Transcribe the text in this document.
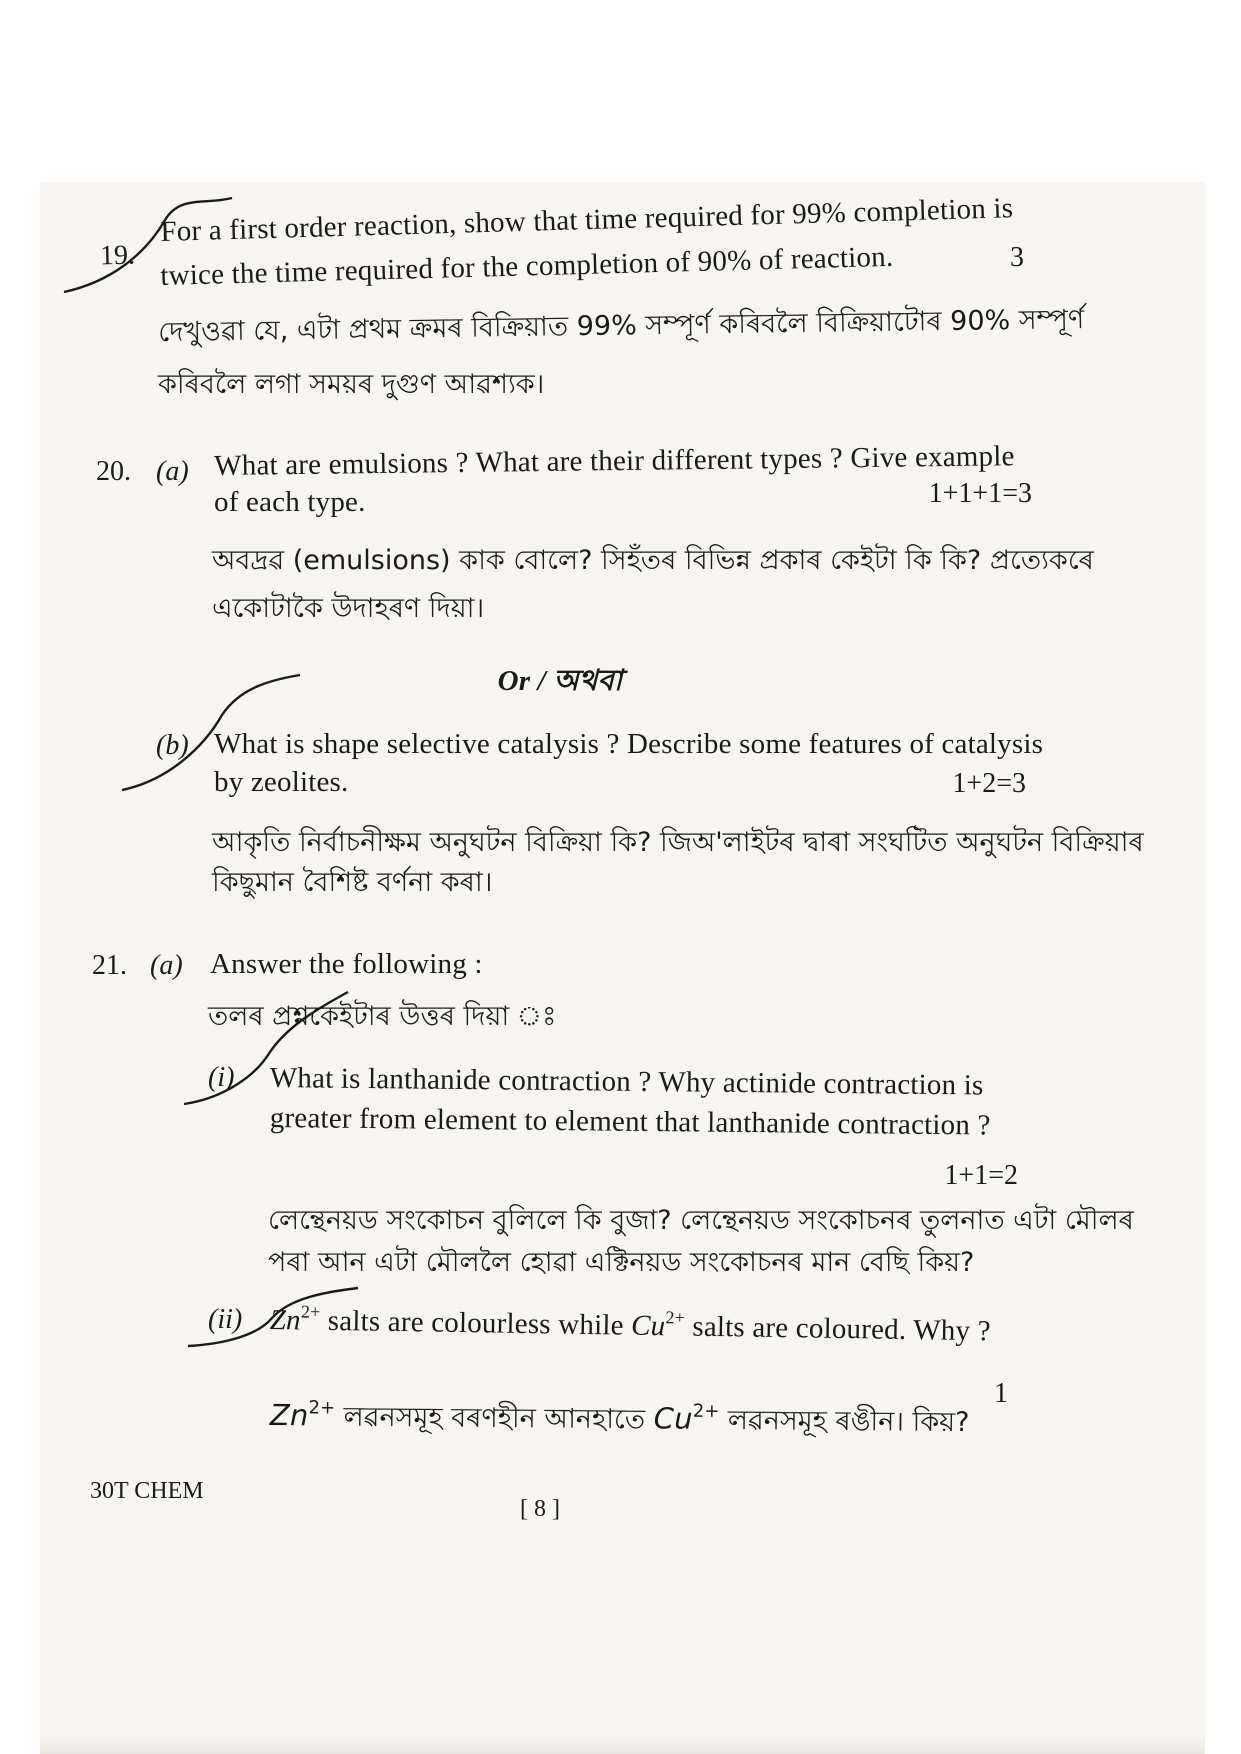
19.
For a first order reaction, show that time required for 99% completion is
twice the time required for the completion of 90% of reaction.	3
দেখুওৱা যে, এটা প্ৰথম ক্ৰমৰ বিক্ৰিয়াত 99% সম্পূৰ্ণ কৰিবলৈ বিক্ৰিয়াটোৰ 90% সম্পূৰ্ণ
কৰিবলৈ লগা সময়ৰ দুগুণ আৱশ্যক।
20. (a) What are emulsions ? What are their different types ? Give example
of each type.	1+1+1=3
অবদ্ৰৱ (emulsions) কাক বোলে? সিহঁতৰ বিভিন্ন প্ৰকাৰ কেইটা কি কি? প্ৰত্যেকৰে
একোটাকৈ উদাহৰণ দিয়া।
Or / অথবা
(b) What is shape selective catalysis ? Describe some features of catalysis
by zeolites.	1+2=3
আকৃতি নিৰ্বাচনীক্ষম অনুঘটন বিক্ৰিয়া কি? জিঅ'লাইটৰ দ্বাৰা সংঘটিত অনুঘটন বিক্ৰিয়াৰ
কিছুমান বৈশিষ্ট বৰ্ণনা কৰা।
21. (a) Answer the following :
তলৰ প্ৰশ্নকেইটাৰ উত্তৰ দিয়া ঃ
(i) What is lanthanide contraction ? Why actinide contraction is
greater from element to element that lanthanide contraction ?
1+1=2
লেন্থেনয়ড সংকোচন বুলিলে কি বুজা? লেন্থেনয়ড সংকোচনৰ তুলনাত এটা মৌলৰ
পৰা আন এটা মৌললৈ হোৱা এক্টিনয়ড সংকোচনৰ মান বেছি কিয়?
(ii) $Zn^{2+}$ salts are colourless while $Cu^{2+}$ salts are coloured. Why ?
1
$Zn^{2+}$ লৱনসমূহ বৰণহীন আনহাতে $Cu^{2+}$ লৱনসমূহ ৰঙীন। কিয়?
30T CHEM
[ 8 ]
